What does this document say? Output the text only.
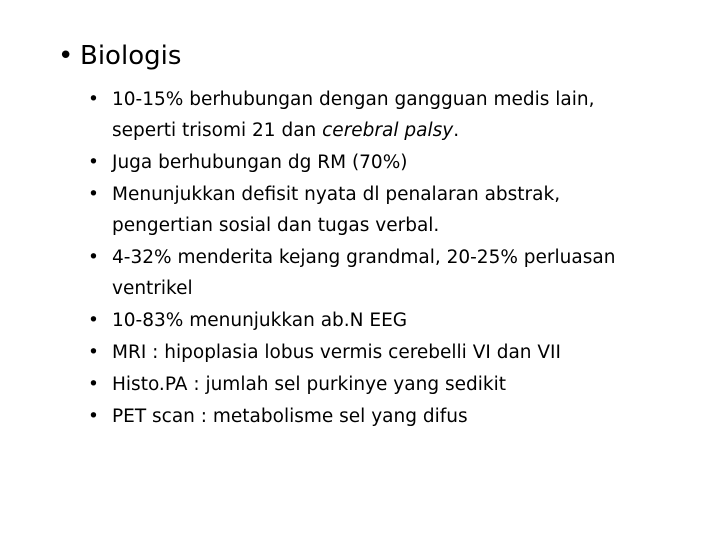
• Biologis
• 10-15% berhubungan dengan gangguan medis lain,
seperti trisomi 21 dan cerebral palsy.
• Juga berhubungan dg RM (70%)
• Menunjukkan defisit nyata dl penalaran abstrak,
pengertian sosial dan tugas verbal.
• 4-32% menderita kejang grandmal, 20-25% perluasan
ventrikel
• 10-83% menunjukkan ab.N EEG
• MRI : hipoplasia lobus vermis cerebelli VI dan VII
• Histo.PA : jumlah sel purkinye yang sedikit
• PET scan : metabolisme sel yang difus
